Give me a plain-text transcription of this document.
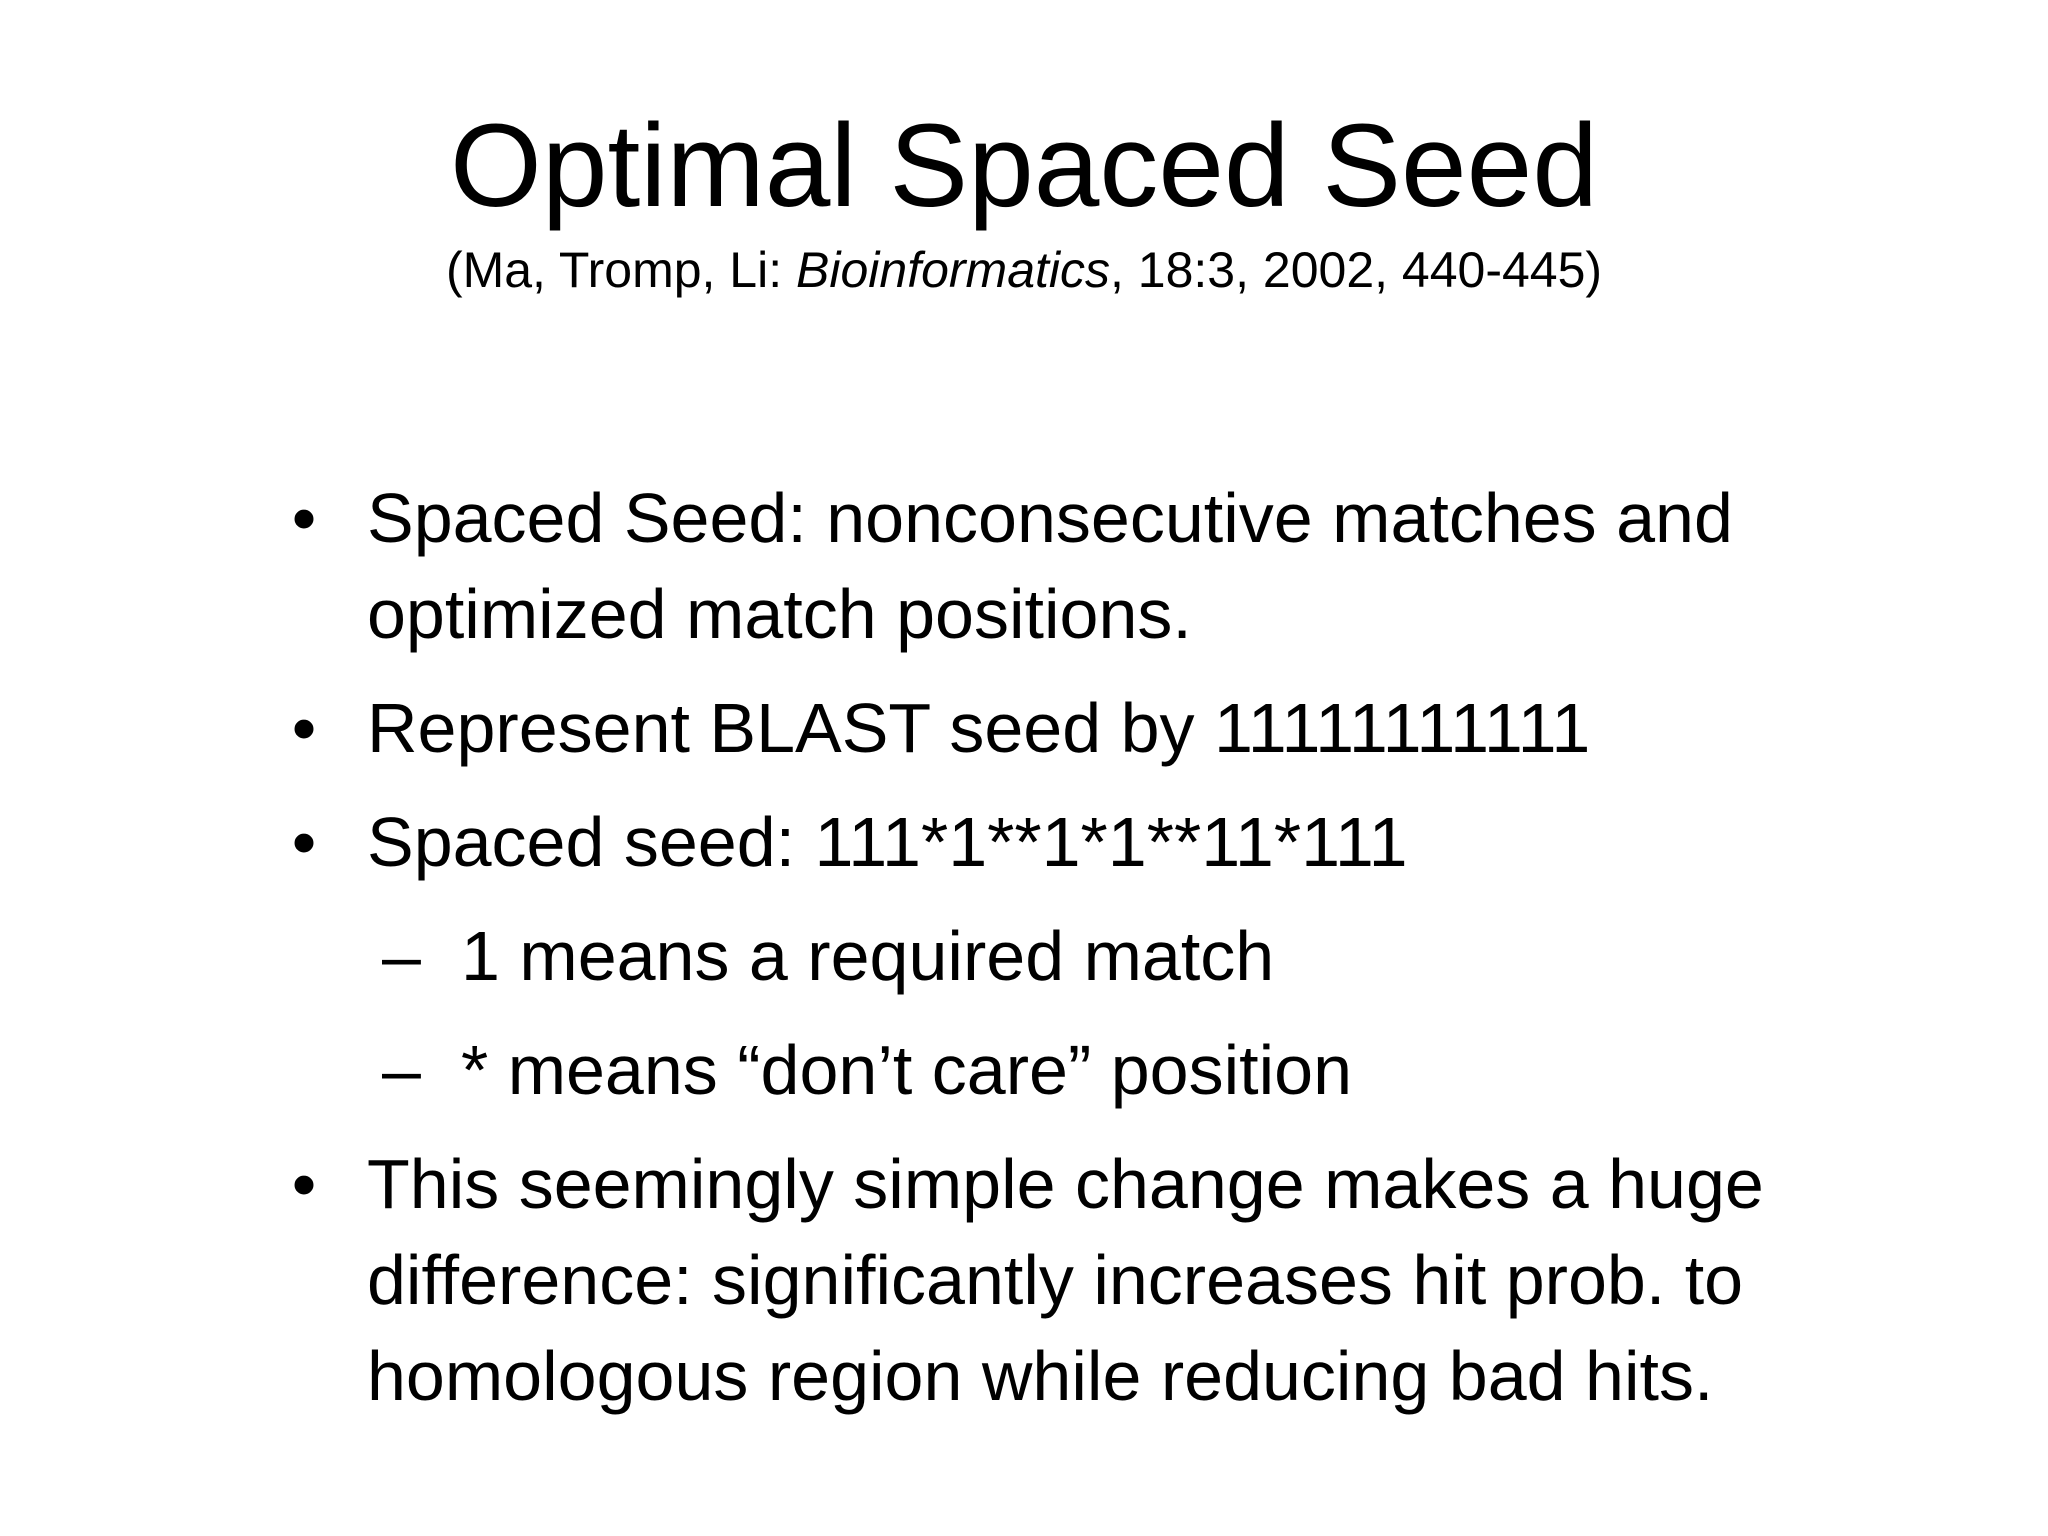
Optimal Spaced Seed
(Ma, Tromp, Li: Bioinformatics, 18:3, 2002, 440-445)
• Spaced Seed: nonconsecutive matches and optimized match positions.
• Represent BLAST seed by 11111111111
• Spaced seed: 111*1**1*1**11*111
– 1 means a required match
– * means “don’t care” position
• This seemingly simple change makes a huge difference: significantly increases hit prob. to homologous region while reducing bad hits.
